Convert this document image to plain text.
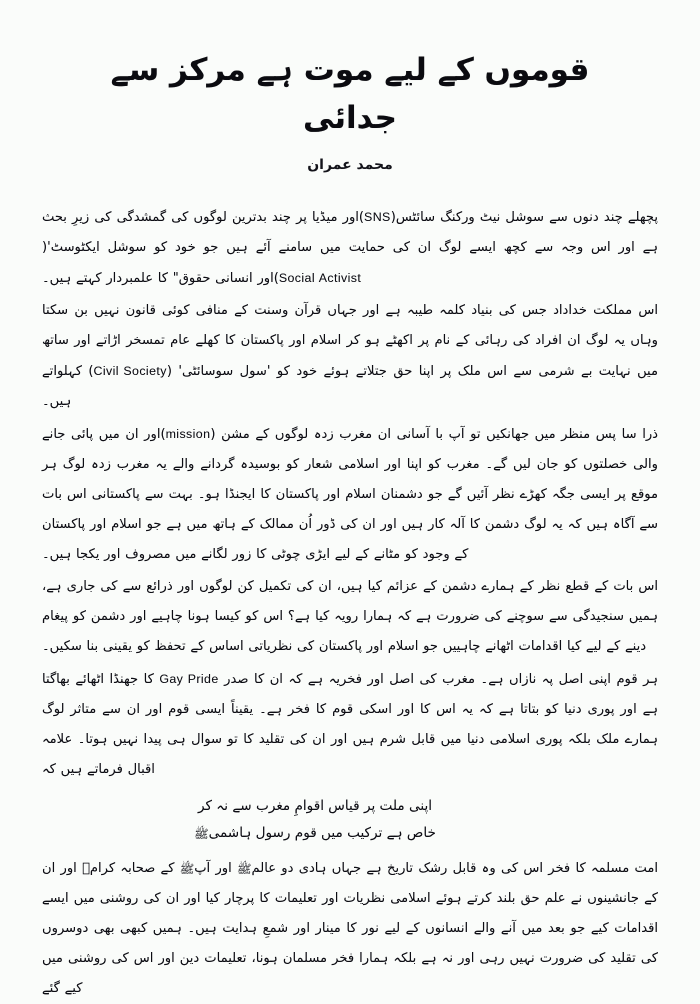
قوموں کے لیے موت ہے مرکز سے جدائی
محمد عمران

پچھلے چند دنوں سے سوشل نیٹ ورکنگ سائٹس(SNS)اور میڈیا پر چند بدترین لوگوں کی گمشدگی کی زیرِ بحث ہے اور اس وجہ سے کچھ ایسے لوگ ان کی حمایت میں سامنے آئے ہیں جو خود کو سوشل ایکٹوسٹ'(Social Activist)اور انسانی حقوق" کا علمبردار کہتے ہیں۔

اس مملکت خداداد جس کی بنیاد کلمہ طیبہ ہے اور جہاں قرآن وسنت کے منافی کوئی قانون نہیں بن سکتا وہاں یہ لوگ ان افراد کی رہائی کے نام پر اکھٹے ہو کر اسلام اور پاکستان کا کھلے عام تمسخر اڑاتے اور ساتھ میں نہایت بے شرمی سے اس ملک پر اپنا حق جتلاتے ہوئے خود کو 'سول سوسائٹی' (Civil Society) کہلواتے ہیں۔

ذرا سا پس منظر میں جھانکیں تو آپ با آسانی ان مغرب زدہ لوگوں کے مشن (mission)اور ان میں پائی جانے والی خصلتوں کو جان لیں گے۔ مغرب کو اپنا اور اسلامی شعار کو بوسیدہ گردانے والے یہ مغرب زدہ لوگ ہر موقع پر ایسی جگہ کھڑے نظر آئیں گے جو دشمنان اسلام اور پاکستان کا ایجنڈا ہو۔ بہت سے پاکستانی اس بات سے آگاہ ہیں کہ یہ لوگ دشمن کا آلہ کار ہیں اور ان کی ڈور اُن ممالک کے ہاتھ میں ہے جو اسلام اور پاکستان کے وجود کو مٹانے کے لیے ایڑی چوٹی کا زور لگانے میں مصروف اور یکجا ہیں۔

اس بات کے قطع نظر کے ہمارے دشمن کے عزائم کیا ہیں، ان کی تکمیل کن لوگوں اور ذرائع سے کی جاری ہے، ہمیں سنجیدگی سے سوچنے کی ضرورت ہے کہ ہمارا رویہ کیا ہے؟ اس کو کیسا ہونا چاہیے اور دشمن کو پیغام دینے کے لیے کیا اقدامات اٹھانے چاہییں جو اسلام اور پاکستان کی نظریاتی اساس کے تحفظ کو یقینی بنا سکیں۔

ہر قوم اپنی اصل پہ نازاں ہے۔ مغرب کی اصل اور فخریہ ہے کہ ان کا صدر Gay Pride کا جھنڈا اٹھائے بھاگتا ہے اور پوری دنیا کو بتاتا ہے کہ یہ اس کا اور اسکی قوم کا فخر ہے۔ یقیناً ایسی قوم اور ان سے متاثر لوگ ہمارے ملک بلکہ پوری اسلامی دنیا میں قابل شرم ہیں اور ان کی تقلید کا تو سوال ہی پیدا نہیں ہوتا۔ علامہ اقبال فرماتے ہیں کہ

اپنی ملت پر قیاس اقوامِ مغرب سے نہ کر
خاص ہے ترکیب میں قوم رسول ہاشمیﷺ

امت مسلمہ کا فخر اس کی وہ قابل رشک تاریخ ہے جہاں ہادی دو عالمﷺ اور آپﷺ کے صحابہ کرامؓ اور ان کے جانشینوں نے علم حق بلند کرتے ہوئے اسلامی نظریات اور تعلیمات کا پرچار کیا اور ان کی روشنی میں ایسے اقدامات کیے جو بعد میں آنے والے انسانوں کے لیے نور کا مینار اور شمعِ ہدایت ہیں۔ ہمیں کبھی بھی دوسروں کی تقلید کی ضرورت نہیں رہی اور نہ ہے بلکہ ہمارا فخر مسلمان ہونا، تعلیمات دین اور اس کی روشنی میں کیے گئے
